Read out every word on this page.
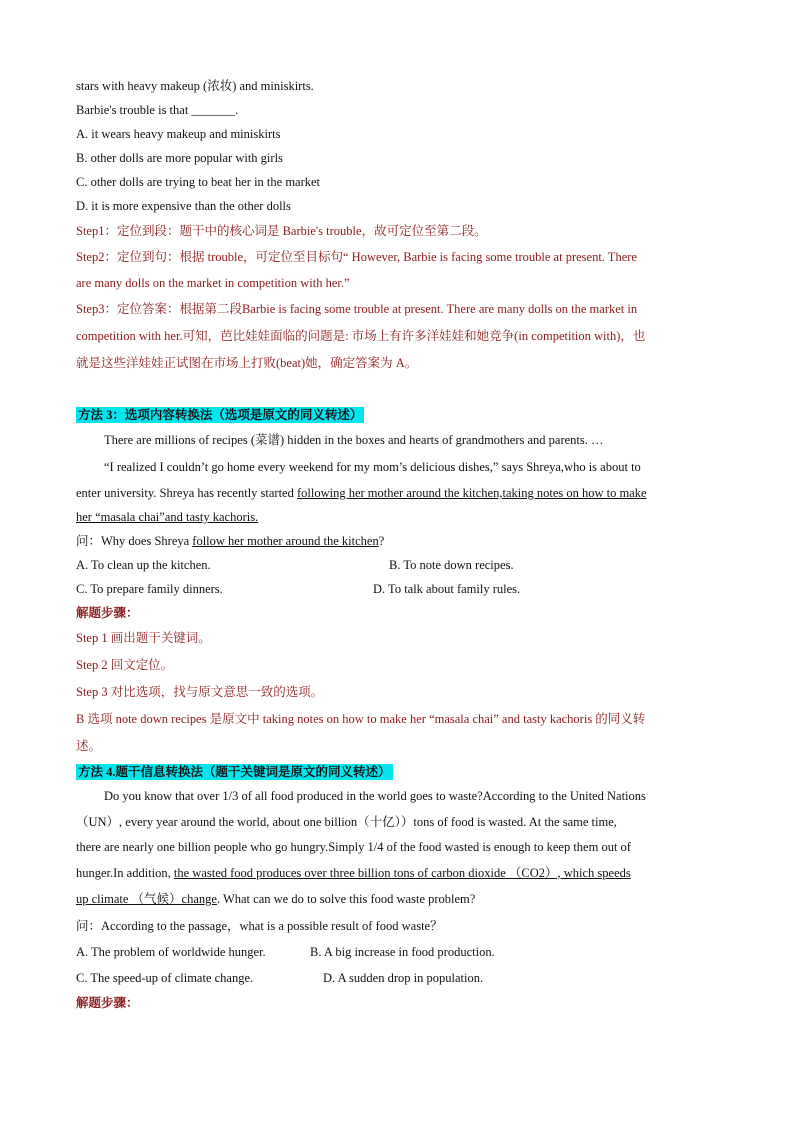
stars with heavy makeup (浓妆) and miniskirts.
Barbie's trouble is that _______.
A. it wears heavy makeup and miniskirts
B. other dolls are more popular with girls
C. other dolls are trying to beat her in the market
D. it is more expensive than the other dolls
Step1：定位到段：题干中的核心词是 Barbie's trouble，故可定位至第二段。
Step2：定位到句：根据 trouble，可定位至目标句“ However, Barbie is facing some trouble at present. There
are many dolls on the market in competition with her.”
Step3：定位答案：根据第二段Barbie is facing some trouble at present. There are many dolls on the market in
competition with her.可知，芭比娃娃面临的问题是: 市场上有许多洋娃娃和她竞争(in competition with)，也
就是这些洋娃娃正试图在市场上打败(beat)她，确定答案为 A。
方法 3：选项内容转换法（选项是原文的同义转述）
There are millions of recipes (菜谱) hidden in the boxes and hearts of grandmothers and parents. …
“I realized I couldn’t go home every weekend for my mom’s delicious dishes,” says Shreya,who is about to
enter university. Shreya has recently started following her mother around the kitchen,taking notes on how to make
her “masala chai”and tasty kachoris.
问：Why does Shreya follow her mother around the kitchen?
A. To clean up the kitchen.	B. To note down recipes.
C. To prepare family dinners.	D. To talk about family rules.
解题步骤：
Step 1 画出题干关键词。
Step 2 回文定位。
Step 3 对比选项，找与原文意思一致的选项。
B 选项 note down recipes 是原文中 taking notes on how to make her “masala chai” and tasty kachoris 的同义转
述。
方法 4.题干信息转换法（题干关键词是原文的同义转述）
Do you know that over 1/3 of all food produced in the world goes to waste?According to the United Nations
（UN）, every year around the world, about one billion（十亿））tons of food is wasted. At the same time,
there are nearly one billion people who go hungry.Simply 1/4 of the food wasted is enough to keep them out of
hunger.In addition, the wasted food produces over three billion tons of carbon dioxide （CO2）, which speeds
up climate （气候）change. What can we do to solve this food waste problem?
问：According to the passage，what is a possible result of food waste？
A. The problem of worldwide hunger.	B. A big increase in food production.
C. The speed-up of climate change.	D. A sudden drop in population.
解题步骤：
